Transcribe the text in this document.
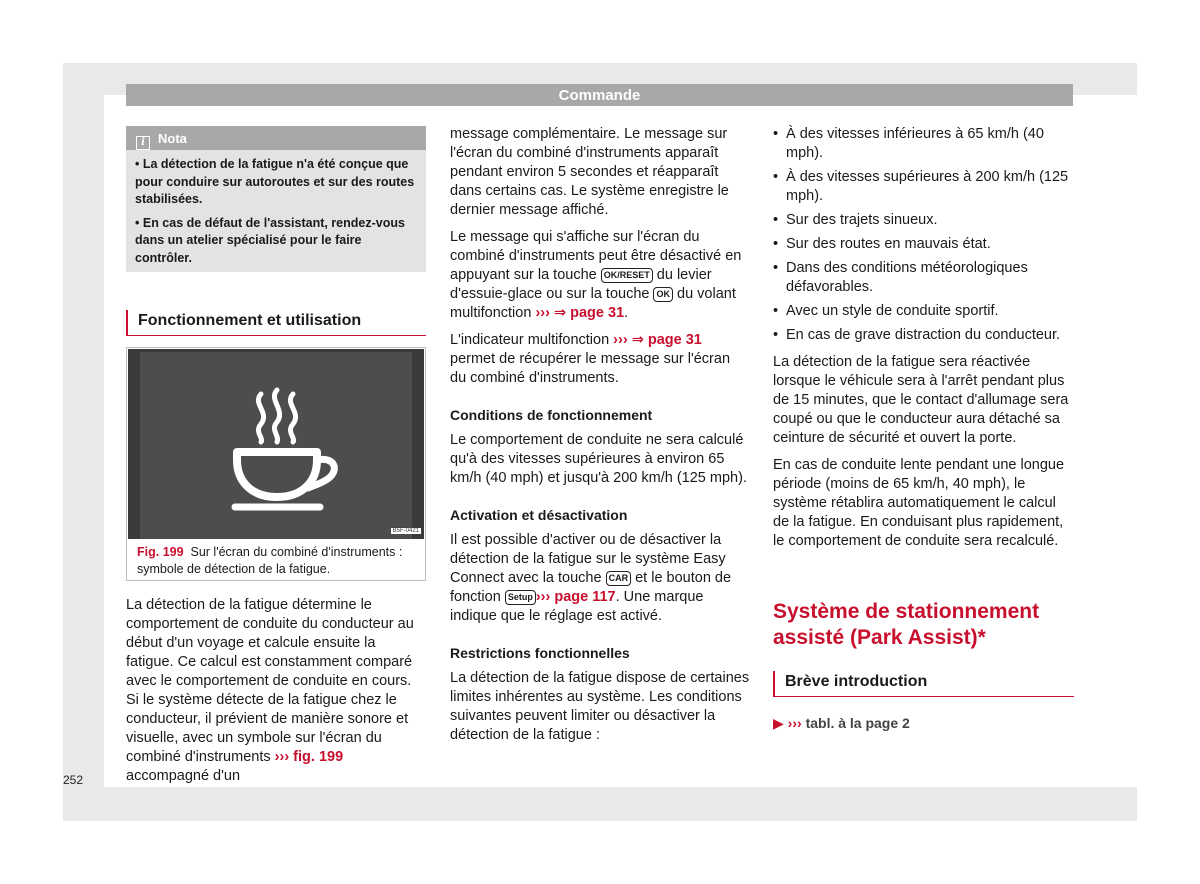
Commande
i Nota

• La détection de la fatigue n'a été conçue que pour conduire sur autoroutes et sur des routes stabilisées.

• En cas de défaut de l'assistant, rendez-vous dans un atelier spécialisé pour le faire contrôler.

Fonctionnement et utilisation
B5F-0421
Fig. 199 Sur l'écran du combiné d'instruments : symbole de détection de la fatigue.

La détection de la fatigue détermine le comportement de conduite du conducteur au début d'un voyage et calcule ensuite la fatigue. Ce calcul est constamment comparé avec le comportement de conduite en cours. Si le système détecte de la fatigue chez le conducteur, il prévient de manière sonore et visuelle, avec un symbole sur l'écran du combiné d'instruments ››› fig. 199 accompagné d'un

message complémentaire. Le message sur l'écran du combiné d'instruments apparaît pendant environ 5 secondes et réapparaît dans certains cas. Le système enregistre le dernier message affiché.

Le message qui s'affiche sur l'écran du combiné d'instruments peut être désactivé en appuyant sur la touche OK/RESET du levier d'essuie-glace ou sur la touche OK du volant multifonction ››› ⇒ page 31.

L'indicateur multifonction ››› ⇒ page 31 permet de récupérer le message sur l'écran du combiné d'instruments.

Conditions de fonctionnement

Le comportement de conduite ne sera calculé qu'à des vitesses supérieures à environ 65 km/h (40 mph) et jusqu'à 200 km/h (125 mph).

Activation et désactivation

Il est possible d'activer ou de désactiver la détection de la fatigue sur le système Easy Connect avec la touche CAR et le bouton de fonction Setup ››› page 117. Une marque indique que le réglage est activé.

Restrictions fonctionnelles

La détection de la fatigue dispose de certaines limites inhérentes au système. Les conditions suivantes peuvent limiter ou désactiver la détection de la fatigue :

• À des vitesses inférieures à 65 km/h (40 mph).
• À des vitesses supérieures à 200 km/h (125 mph).
• Sur des trajets sinueux.
• Sur des routes en mauvais état.
• Dans des conditions météorologiques défavorables.
• Avec un style de conduite sportif.
• En cas de grave distraction du conducteur.

La détection de la fatigue sera réactivée lorsque le véhicule sera à l'arrêt pendant plus de 15 minutes, que le contact d'allumage sera coupé ou que le conducteur aura détaché sa ceinture de sécurité et ouvert la porte.

En cas de conduite lente pendant une longue période (moins de 65 km/h, 40 mph), le système rétablira automatiquement le calcul de la fatigue. En conduisant plus rapidement, le comportement de conduite sera recalculé.

Système de stationnement assisté (Park Assist)*
Brève introduction
▶ ››› tabl. à la page 2
252
